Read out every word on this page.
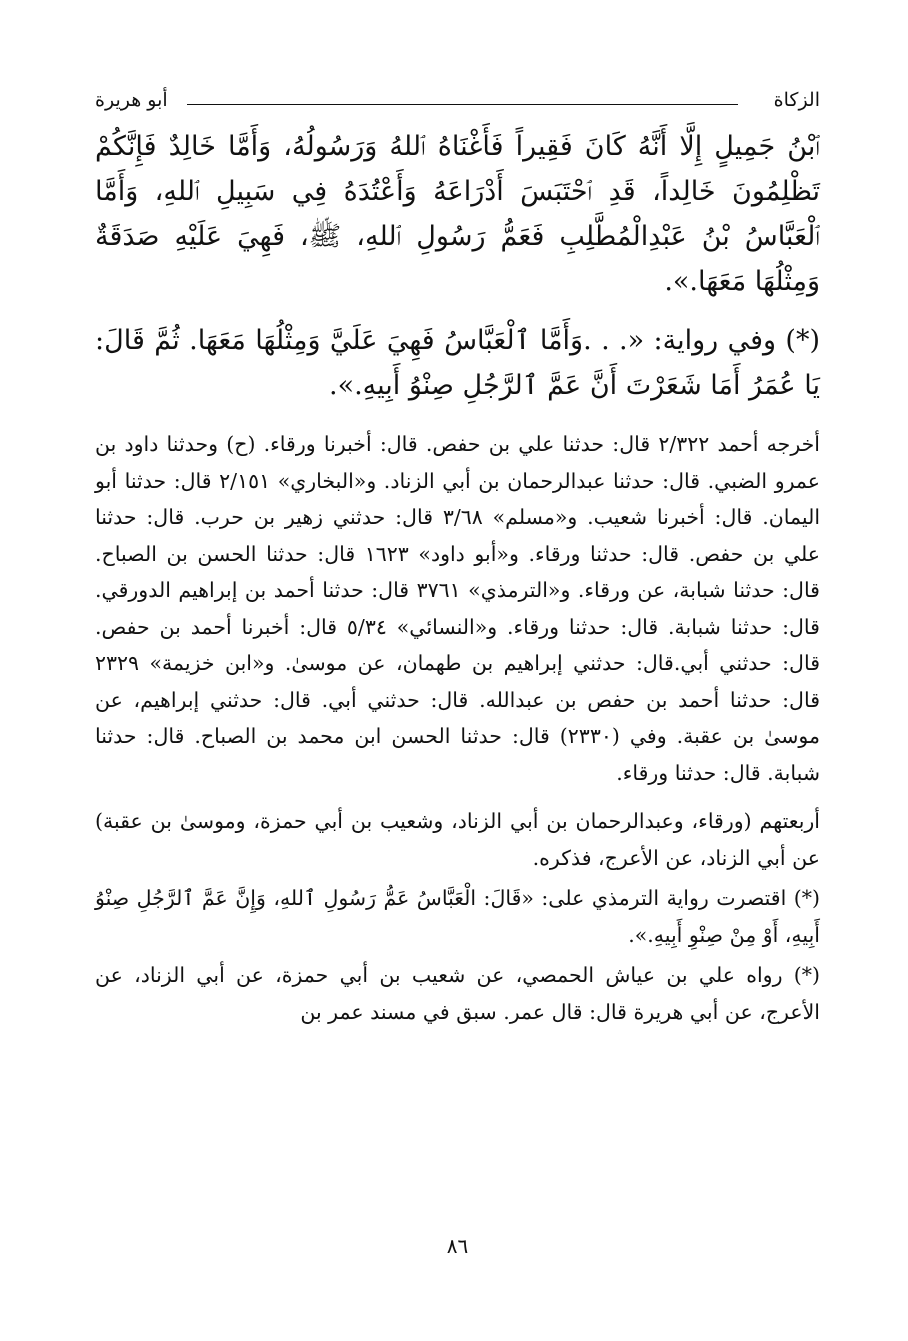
الزكاة
أبو هريرة

ٱبْنُ جَمِيلٍ إِلَّا أَنَّهُ كَانَ فَقِيراً فَأَغْنَاهُ ٱللهُ وَرَسُولُهُ، وَأَمَّا خَالِدٌ فَإِنَّكُمْ تَظْلِمُونَ خَالِداً، قَدِ ٱحْتَبَسَ أَدْرَاعَهُ وَأَعْتُدَهُ فِي سَبِيلِ ٱللهِ، وَأَمَّا ٱلْعَبَّاسُ بْنُ عَبْدِالْمُطَّلِبِ فَعَمُّ رَسُولِ ٱللهِ، ﷺ، فَهِيَ عَلَيْهِ صَدَقَةٌ وَمِثْلُهَا مَعَهَا.».

(*) وفي رواية: «. . .وَأَمَّا ٱلْعَبَّاسُ فَهِيَ عَلَيَّ وَمِثْلُهَا مَعَهَا. ثُمَّ قَالَ: يَا عُمَرُ أَمَا شَعَرْتَ أَنَّ عَمَّ ٱلرَّجُلِ صِنْوُ أَبِيهِ.».

أخرجه أحمد ٢/٣٢٢ قال: حدثنا علي بن حفص. قال: أخبرنا ورقاء. (ح) وحدثنا داود بن عمرو الضبي. قال: حدثنا عبدالرحمان بن أبي الزناد. و«البخاري» ٢/١٥١ قال: حدثنا أبو اليمان. قال: أخبرنا شعيب. و«مسلم» ٣/٦٨ قال: حدثني زهير بن حرب. قال: حدثنا علي بن حفص. قال: حدثنا ورقاء. و«أبو داود» ١٦٢٣ قال: حدثنا الحسن بن الصباح. قال: حدثنا شبابة، عن ورقاء. و«الترمذي» ٣٧٦١ قال: حدثنا أحمد بن إبراهيم الدورقي. قال: حدثنا شبابة. قال: حدثنا ورقاء. و«النسائي» ٥/٣٤ قال: أخبرنا أحمد بن حفص. قال: حدثني أبي.قال: حدثني إبراهيم بن طهمان، عن موسىٰ. و«ابن خزيمة» ٢٣٢٩ قال: حدثنا أحمد بن حفص بن عبدالله. قال: حدثني أبي. قال: حدثني إبراهيم، عن موسىٰ بن عقبة. وفي (٢٣٣٠) قال: حدثنا الحسن ابن محمد بن الصباح. قال: حدثنا شبابة. قال: حدثنا ورقاء.

أربعتهم (ورقاء، وعبدالرحمان بن أبي الزناد، وشعيب بن أبي حمزة، وموسىٰ بن عقبة) عن أبي الزناد، عن الأعرج، فذكره.

(*) اقتصرت رواية الترمذي على: «قَالَ: الْعَبَّاسُ عَمُّ رَسُولِ ٱللهِ، وَإِنَّ عَمَّ ٱلرَّجُلِ صِنْوُ أَبِيهِ، أَوْ مِنْ صِنْوِ أَبِيهِ.».

(*) رواه علي بن عياش الحمصي، عن شعيب بن أبي حمزة، عن أبي الزناد، عن الأعرج، عن أبي هريرة قال: قال عمر. سبق في مسند عمر بن

٨٦
